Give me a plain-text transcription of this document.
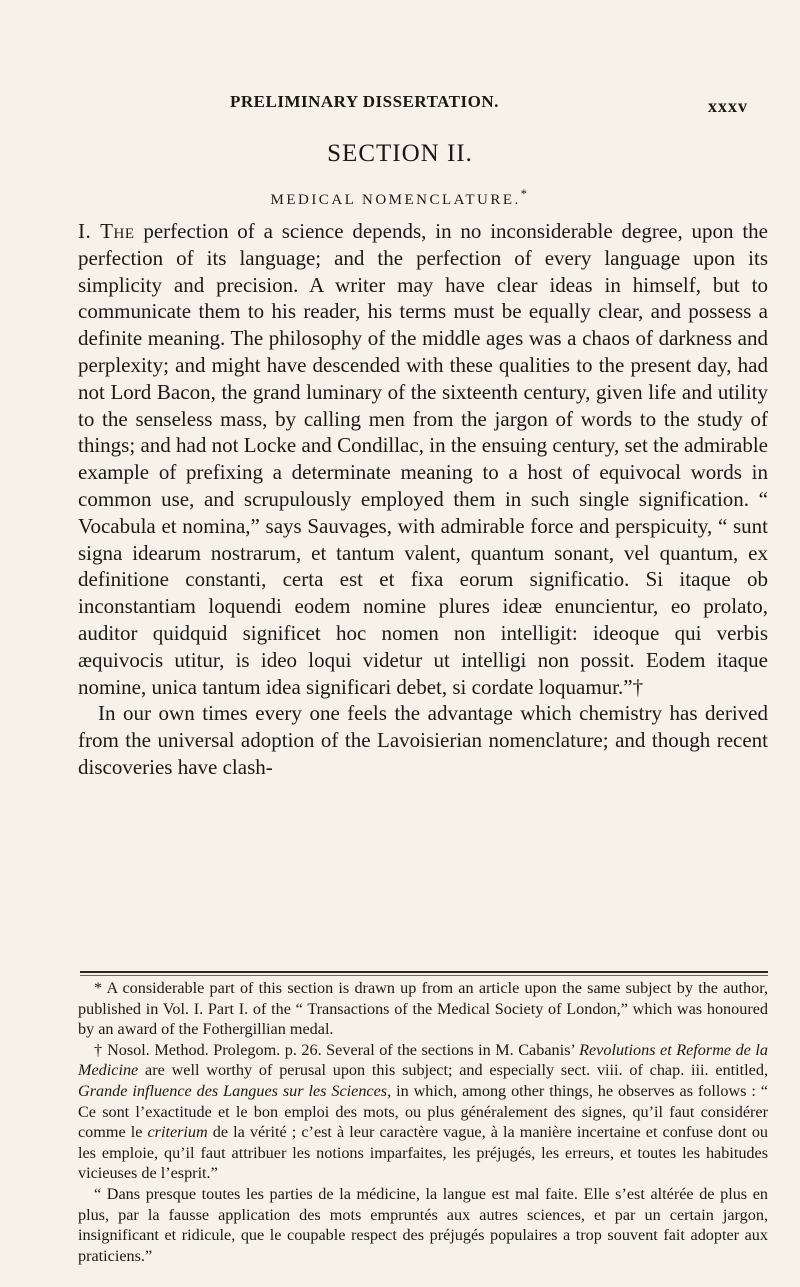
PRELIMINARY DISSERTATION.	xxxv
SECTION II.
MEDICAL NOMENCLATURE.*

I. The perfection of a science depends, in no inconsiderable degree, upon the perfection of its language; and the perfection of every language upon its simplicity and precision. A writer may have clear ideas in himself, but to communicate them to his reader, his terms must be equally clear, and possess a definite meaning. The philosophy of the middle ages was a chaos of darkness and perplexity; and might have descended with these qualities to the present day, had not Lord Bacon, the grand luminary of the sixteenth century, given life and utility to the senseless mass, by calling men from the jargon of words to the study of things; and had not Locke and Condillac, in the ensuing century, set the admirable example of prefixing a determinate meaning to a host of equivocal words in common use, and scrupulously employed them in such single signification. “ Vocabula et nomina,” says Sauvages, with admirable force and perspicuity, “ sunt signa idearum nostrarum, et tantum valent, quantum sonant, vel quantum, ex definitione constanti, certa est et fixa eorum significatio. Si itaque ob inconstantiam loquendi eodem nomine plures ideæ enuncientur, eo prolato, auditor quidquid significet hoc nomen non intelligit: ideoque qui verbis æquivocis utitur, is ideo loqui videtur ut intelligi non possit. Eodem itaque nomine, unica tantum idea significari debet, si cordate loquamur.”†

In our own times every one feels the advantage which chemistry has derived from the universal adoption of the Lavoisierian nomenclature; and though recent discoveries have clash-

* A considerable part of this section is drawn up from an article upon the same subject by the author, published in Vol. I. Part I. of the “ Transactions of the Medical Society of London,” which was honoured by an award of the Fothergillian medal.

† Nosol. Method. Prolegom. p. 26. Several of the sections in M. Cabanis’ Revolutions et Reforme de la Medicine are well worthy of perusal upon this subject; and especially sect. viii. of chap. iii. entitled, Grande influence des Langues sur les Sciences, in which, among other things, he observes as follows : “ Ce sont l’exactitude et le bon emploi des mots, ou plus généralement des signes, qu’il faut considérer comme le criterium de la vérité ; c’est à leur caractère vague, à la manière incertaine et confuse dont ou les emploie, qu’il faut attribuer les notions imparfaites, les préjugés, les erreurs, et toutes les habitudes vicieuses de l’esprit.”

“ Dans presque toutes les parties de la médicine, la langue est mal faite. Elle s’est altérée de plus en plus, par la fausse application des mots empruntés aux autres sciences, et par un certain jargon, insignificant et ridicule, que le coupable respect des préjugés populaires a trop souvent fait adopter aux praticiens.”
